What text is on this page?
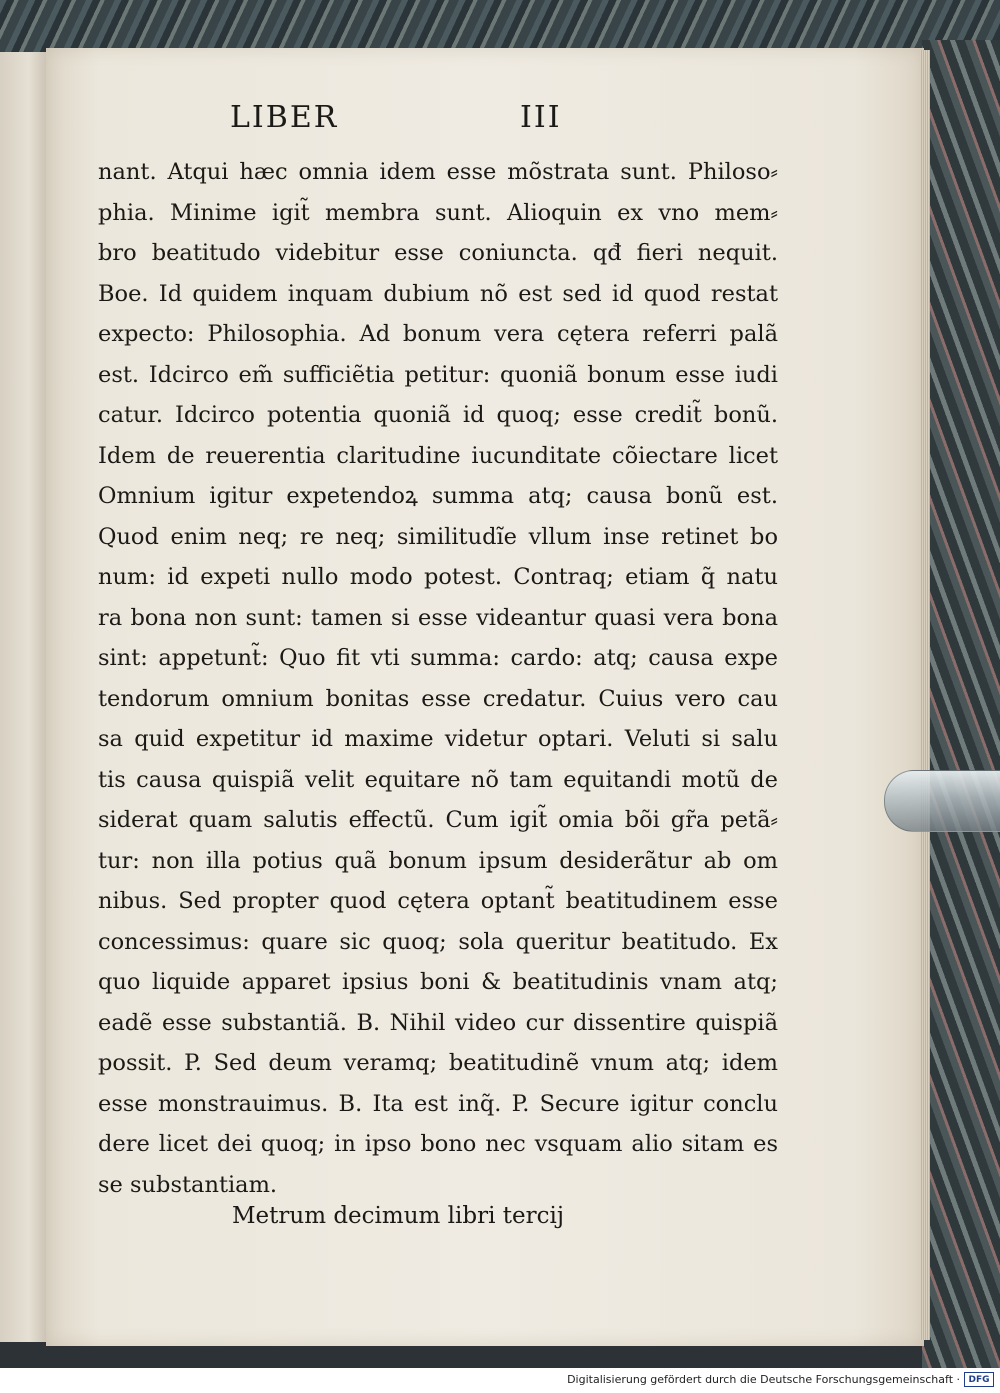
LIBER	III
nant. Atqui hæc omnia idem esse mõstrata sunt. Philoso⸗
phia. Minime igit̃ membra sunt. Alioquin ex vno mem⸗
bro beatitudo videbitur esse coniuncta. qđ fieri nequit.
Boe. Id quidem inquam dubium nõ est sed id quod restat
expecto: Philosophia. Ad bonum vera cętera referri palã
est. Idcirco em̃ sufficiẽtia petitur: quoniã bonum esse iudi
catur. Idcirco potentia quoniã id quoq; esse credit̃ bonũ.
Idem de reuerentia claritudine iucunditate cõiectare licet
Omnium igitur expetendoꝝ summa atq; causa bonũ est.
Quod enim neq; re neq; similitudĩe vllum inse retinet bo
num: id expeti nullo modo potest. Contraq; etiam q̃ natu
ra bona non sunt: tamen si esse videantur quasi vera bona
sint: appetunt̃: Quo fit vti summa: cardo: atq; causa expe
tendorum omnium bonitas esse credatur. Cuius vero cau
sa quid expetitur id maxime videtur optari. Veluti si salu
tis causa quispiã velit equitare nõ tam equitandi motũ de
siderat quam salutis effectũ. Cum igit̃ omia bõi gr̃a petã⸗
tur: non illa potius quã bonum ipsum desiderãtur ab om
nibus. Sed propter quod cętera optant̃ beatitudinem esse
concessimus: quare sic quoq; sola queritur beatitudo. Ex
quo liquide apparet ipsius boni & beatitudinis vnam atq;
eadẽ esse substantiã. B. Nihil video cur dissentire quispiã
possit. P. Sed deum veramq; beatitudinẽ vnum atq; idem
esse monstrauimus. B. Ita est inq̃. P. Secure igitur conclu
dere licet dei quoq; in ipso bono nec vsquam alio sitam es
se substantiam.
Metrum decimum libri tercij
Digitalisierung gefördert durch die Deutsche Forschungsgemeinschaft · DFG
